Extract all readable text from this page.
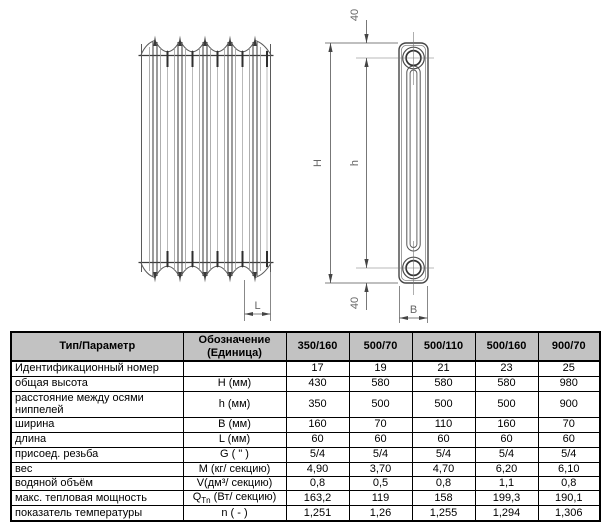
L
H h
40
40
B
Тип/Параметр	Обозначение
(Единица)	350/160	500/70	500/110	500/160	900/70
Идентификационный номер		17	19	21	23	25
общая высота	H (мм)	430	580	580	580	980
расстояние между осями ниппелей	h (мм)	350	500	500	500	900
ширина	B (мм)	160	70	110	160	70
длина	L (мм)	60	60	60	60	60
присоед. резьба	G ( " )	5/4	5/4	5/4	5/4	5/4
вес	М (кг/ секцию)	4,90	3,70	4,70	6,20	6,10
водяной объём	V(дм³/ секцию)	0,8	0,5	0,8	1,1	0,8
макс. тепловая мощность	$Q_{Тn}$ (Вт/ секцию)	163,2	119	158	199,3	190,1
показатель температуры	n ( - )	1,251	1,26	1,255	1,294	1,306
